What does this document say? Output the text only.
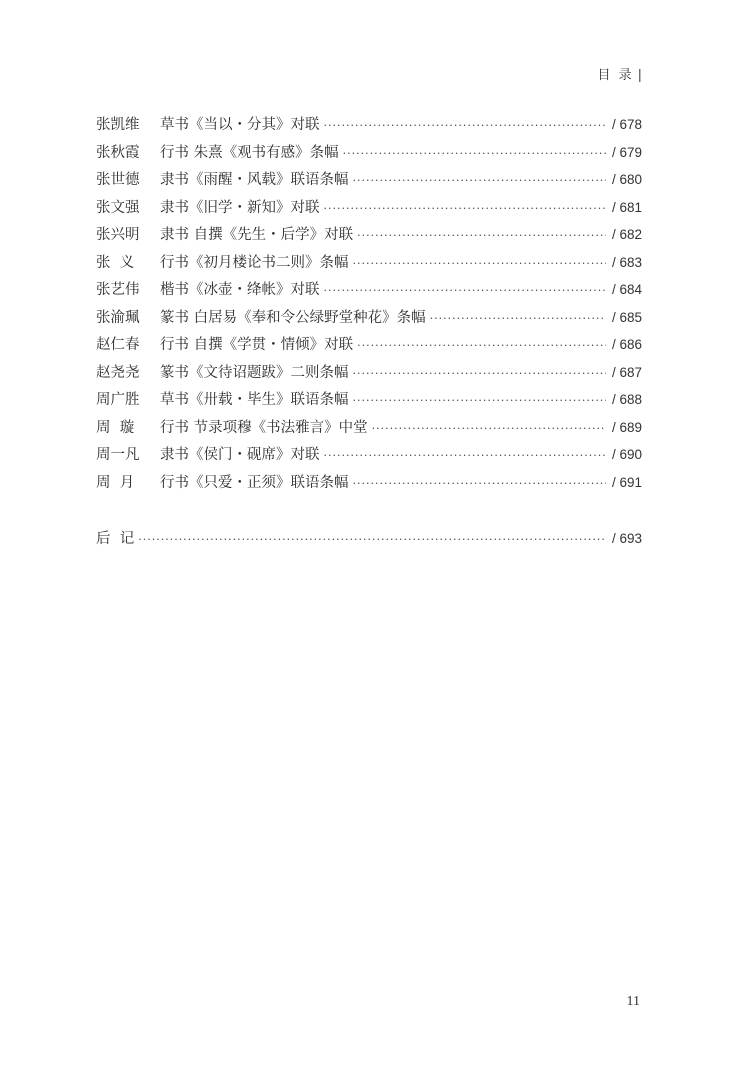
目 录 |
张凯维	草书《当以・分其》对联 ·····	/ 678
张秋霞	行书 朱熹《观书有感》条幅 ·····	/ 679
张世德	隶书《雨醒・风载》联语条幅 ·····	/ 680
张文强	隶书《旧学・新知》对联 ·····	/ 681
张兴明	隶书 自撰《先生・后学》对联 ·····	/ 682
张  义	行书《初月楼论书二则》条幅 ·····	/ 683
张艺伟	楷书《冰壶・绛帐》对联 ·····	/ 684
张渝珮	篆书 白居易《奉和令公绿野堂种花》条幅 ·····	/ 685
赵仁春	行书 自撰《学贯・情倾》对联 ·····	/ 686
赵尧尧	篆书《文待诏题跋》二则条幅 ·····	/ 687
周广胜	草书《卅载・毕生》联语条幅 ·····	/ 688
周  璇	行书 节录项穆《书法雅言》中堂 ·····	/ 689
周一凡	隶书《侯门・砚席》对联 ·····	/ 690
周  月	行书《只爱・正须》联语条幅 ·····	/ 691
后  记 ·····	/ 693
11
